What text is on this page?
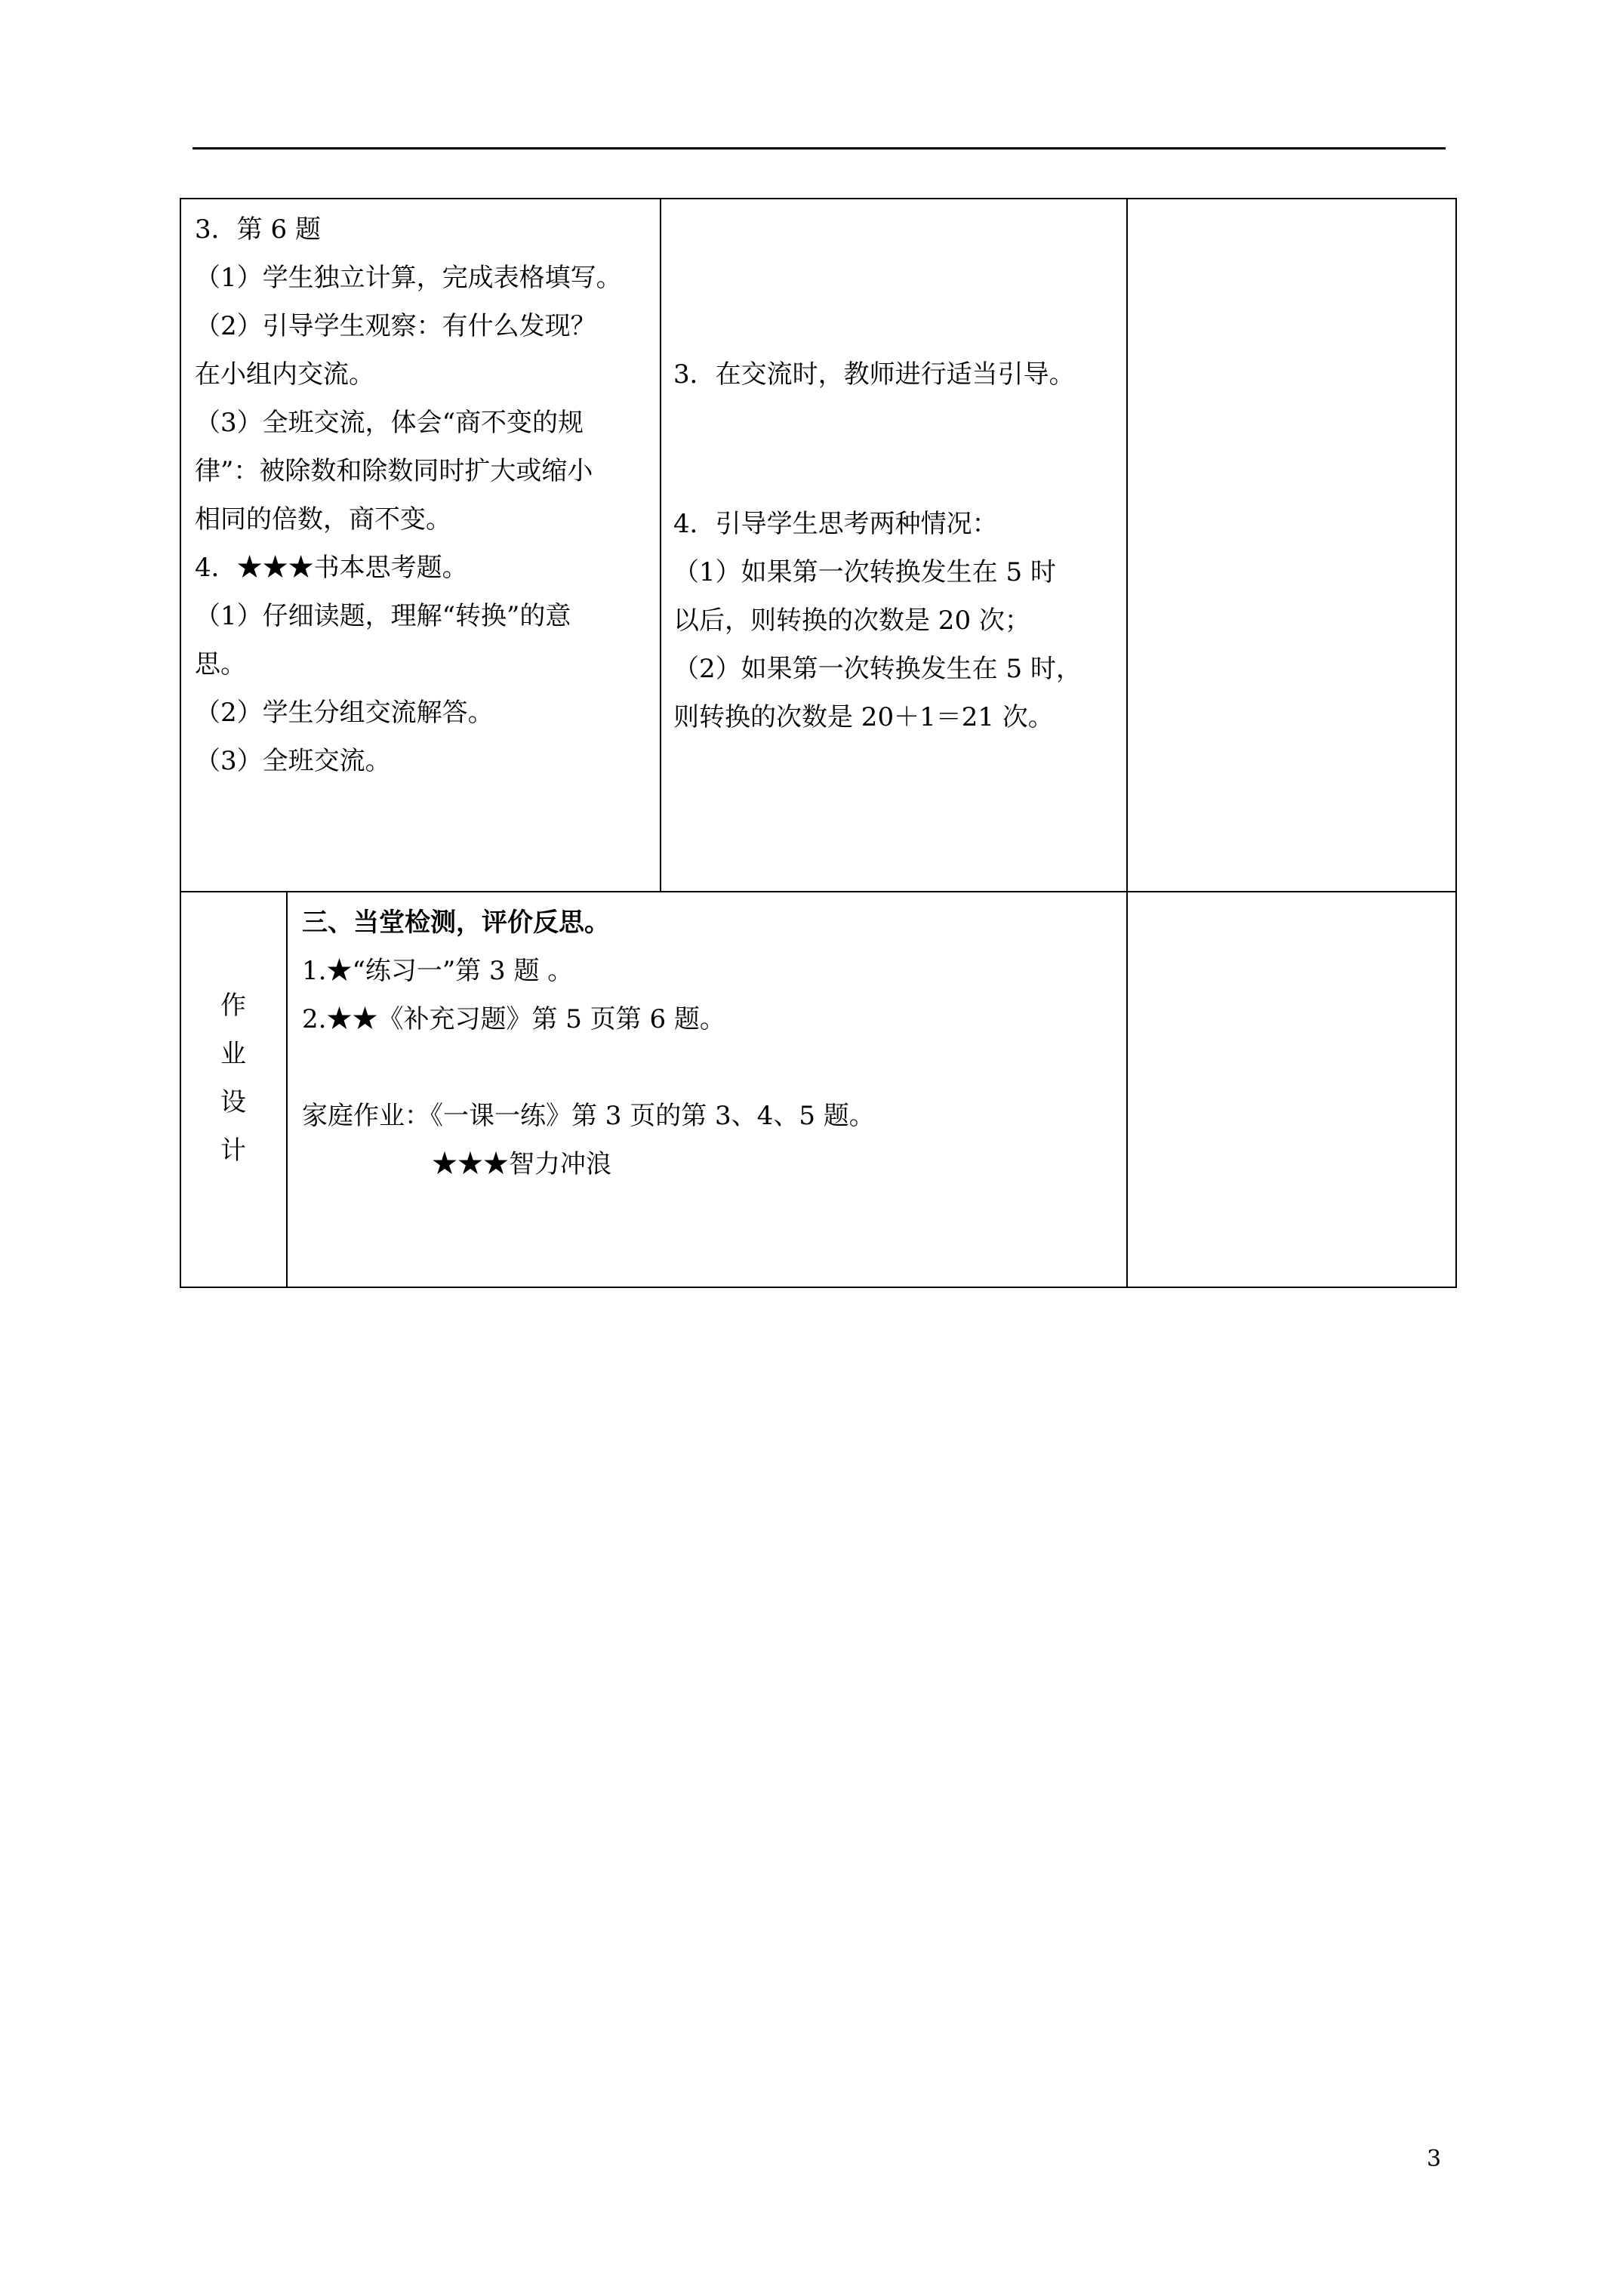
3．第 6 题
（1）学生独立计算，完成表格填写。
（2）引导学生观察：有什么发现？
在小组内交流。
（3）全班交流，体会“商不变的规
律”：被除数和除数同时扩大或缩小
相同的倍数，商不变。
4．★★★书本思考题。
（1）仔细读题，理解“转换”的意
思。
（2）学生分组交流解答。
（3）全班交流。
3．在交流时，教师进行适当引导。
4．引导学生思考两种情况：
（1）如果第一次转换发生在 5 时
以后，则转换的次数是 20 次；
（2）如果第一次转换发生在 5 时，
则转换的次数是 20＋1＝21 次。
作
业
设
计
三、当堂检测，评价反思。
1.★“练习一”第 3 题 。
2.★★《补充习题》第 5 页第 6 题。
家庭作业：《一课一练》第 3 页的第 3、4、5 题。
★★★智力冲浪
3
